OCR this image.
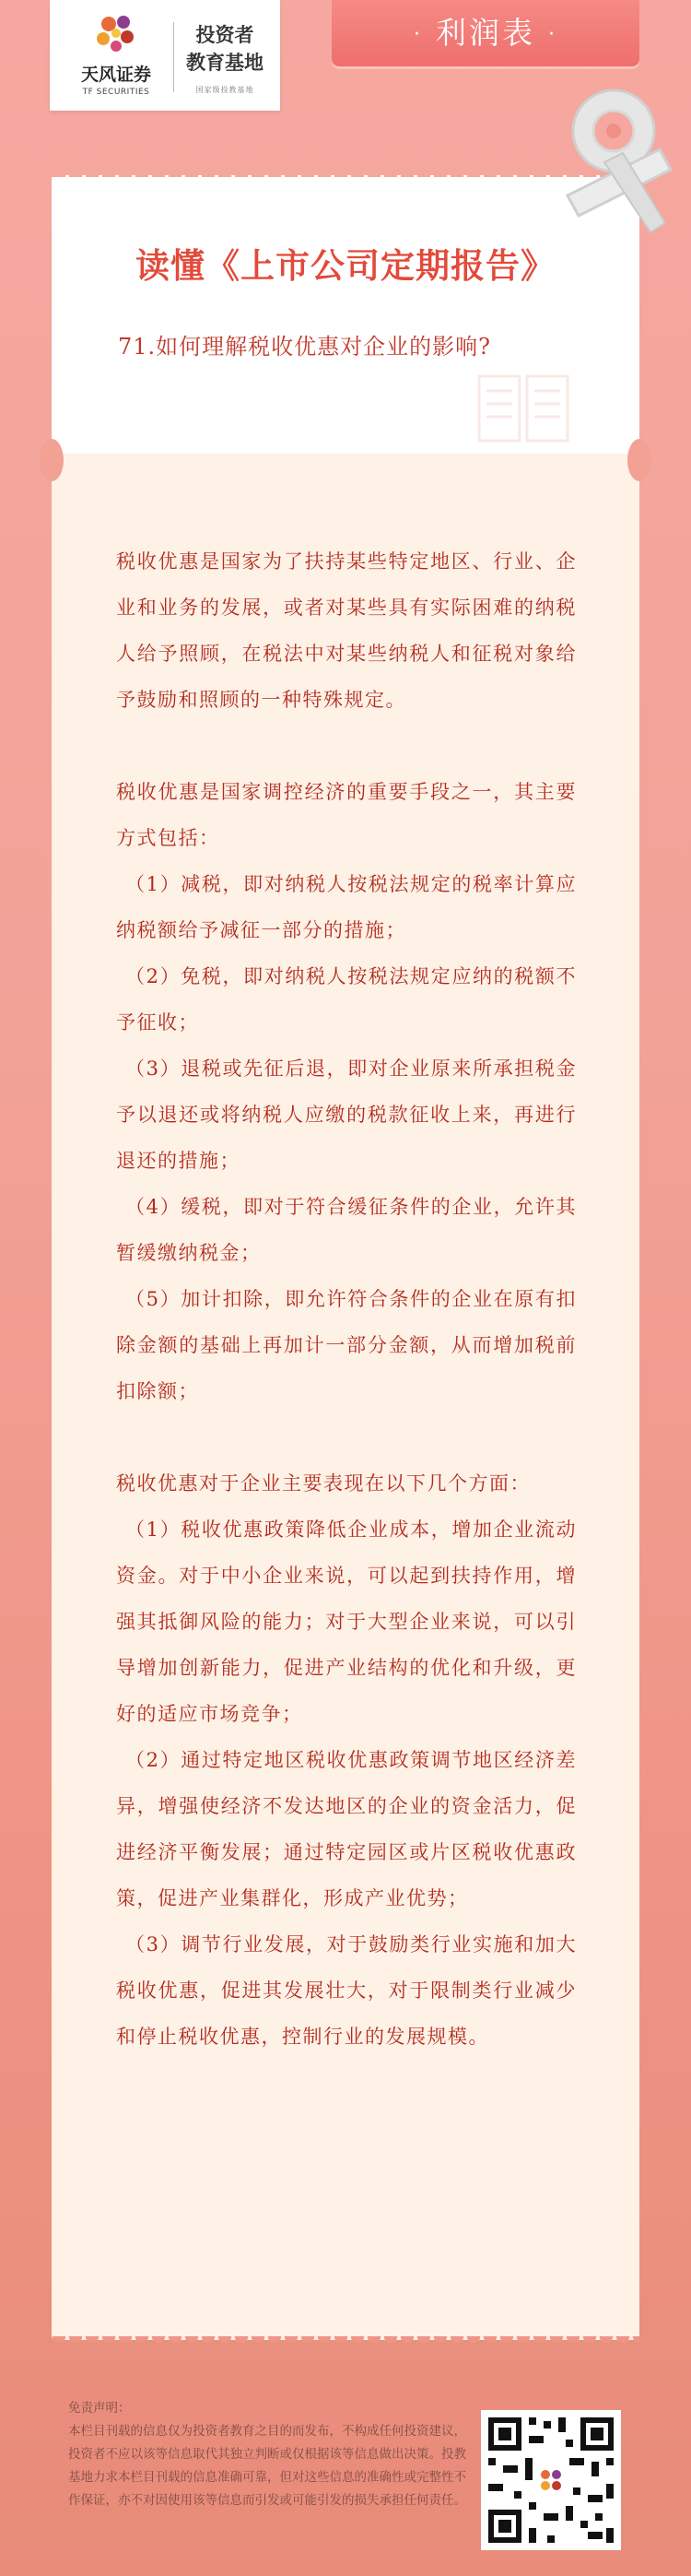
天风证券
TF SECURITIES
投资者
教育基地
国家级投教基地
· 利润表 ·
读懂《上市公司定期报告》
71.如何理解税收优惠对企业的影响?

税收优惠是国家为了扶持某些特定地区、行业、企业和业务的发展，或者对某些具有实际困难的纳税人给予照顾，在税法中对某些纳税人和征税对象给予鼓励和照顾的一种特殊规定。

税收优惠是国家调控经济的重要手段之一，其主要方式包括：

（1）减税，即对纳税人按税法规定的税率计算应纳税额给予减征一部分的措施；

（2）免税，即对纳税人按税法规定应纳的税额不予征收；

（3）退税或先征后退，即对企业原来所承担税金予以退还或将纳税人应缴的税款征收上来，再进行退还的措施；

（4）缓税，即对于符合缓征条件的企业，允许其暂缓缴纳税金；

（5）加计扣除，即允许符合条件的企业在原有扣除金额的基础上再加计一部分金额，从而增加税前扣除额；

税收优惠对于企业主要表现在以下几个方面：

（1）税收优惠政策降低企业成本，增加企业流动资金。对于中小企业来说，可以起到扶持作用，增强其抵御风险的能力；对于大型企业来说，可以引导增加创新能力，促进产业结构的优化和升级，更好的适应市场竞争；

（2）通过特定地区税收优惠政策调节地区经济差异，增强使经济不发达地区的企业的资金活力，促进经济平衡发展；通过特定园区或片区税收优惠政策，促进产业集群化，形成产业优势；

（3）调节行业发展，对于鼓励类行业实施和加大税收优惠，促进其发展壮大，对于限制类行业减少和停止税收优惠，控制行业的发展规模。

免责声明：
本栏目刊载的信息仅为投资者教育之目的而发布，不构成任何投资建议，投资者不应以该等信息取代其独立判断或仅根据该等信息做出决策。投教基地力求本栏目刊载的信息准确可靠，但对这些信息的准确性或完整性不作保证，亦不对因使用该等信息而引发或可能引发的损失承担任何责任。
